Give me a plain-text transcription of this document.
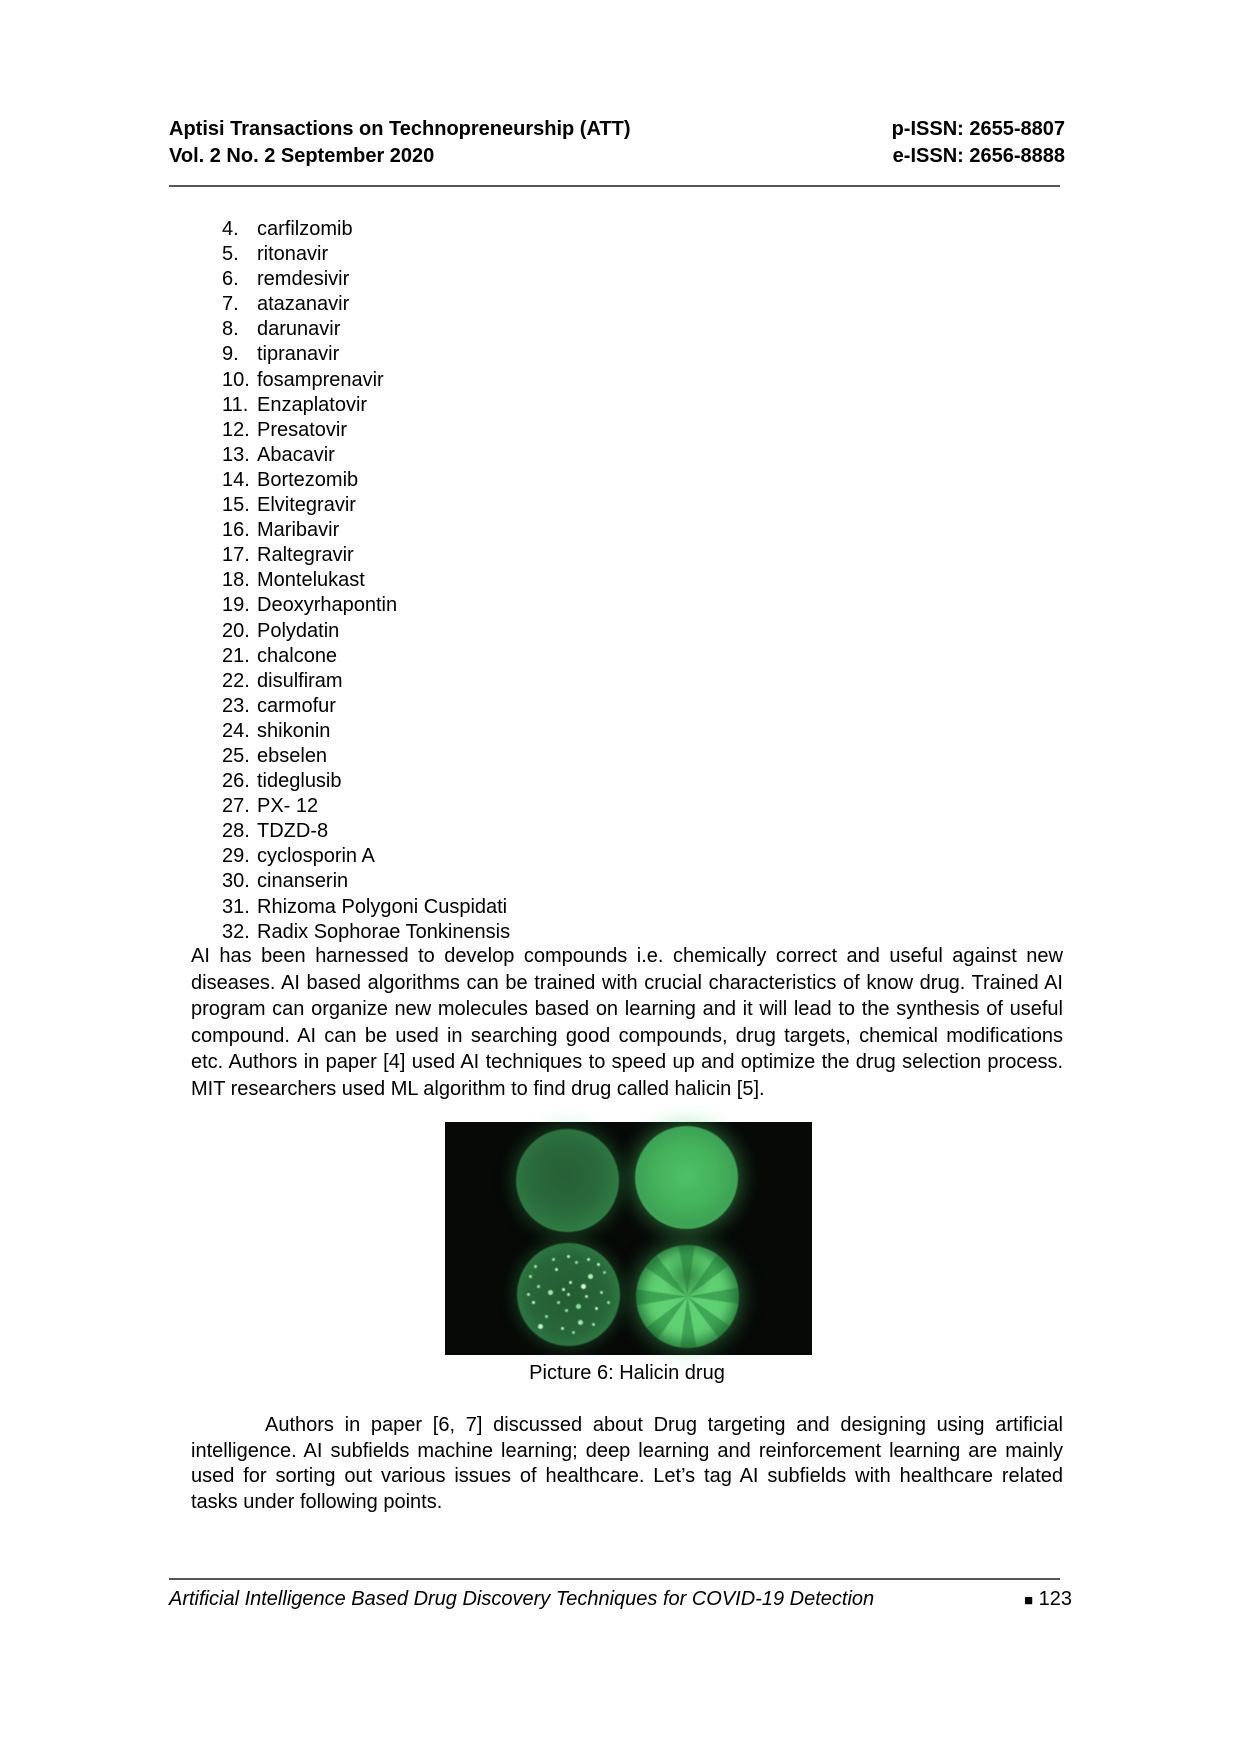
Aptisi Transactions on Technopreneurship (ATT)
Vol. 2 No. 2 September 2020
p-ISSN: 2655-8807
e-ISSN: 2656-8888
4. carfilzomib
5. ritonavir
6. remdesivir
7. atazanavir
8. darunavir
9. tipranavir
10. fosamprenavir
11. Enzaplatovir
12. Presatovir
13. Abacavir
14. Bortezomib
15. Elvitegravir
16. Maribavir
17. Raltegravir
18. Montelukast
19. Deoxyrhapontin
20. Polydatin
21. chalcone
22. disulfiram
23. carmofur
24. shikonin
25. ebselen
26. tideglusib
27. PX- 12
28. TDZD-8
29. cyclosporin A
30. cinanserin
31. Rhizoma Polygoni Cuspidati
32. Radix Sophorae Tonkinensis

AI has been harnessed to develop compounds i.e. chemically correct and useful against new diseases. AI based algorithms can be trained with crucial characteristics of know drug. Trained AI program can organize new molecules based on learning and it will lead to the synthesis of useful compound. AI can be used in searching good compounds, drug targets, chemical modifications etc. Authors in paper [4] used AI techniques to speed up and optimize the drug selection process. MIT researchers used ML algorithm to find drug called halicin [5].

Picture 6: Halicin drug

Authors in paper [6, 7] discussed about Drug targeting and designing using artificial intelligence. AI subfields machine learning; deep learning and reinforcement learning are mainly used for sorting out various issues of healthcare. Let’s tag AI subfields with healthcare related tasks under following points.

Artificial Intelligence Based Drug Discovery Techniques for COVID-19 Detection	■ 123
